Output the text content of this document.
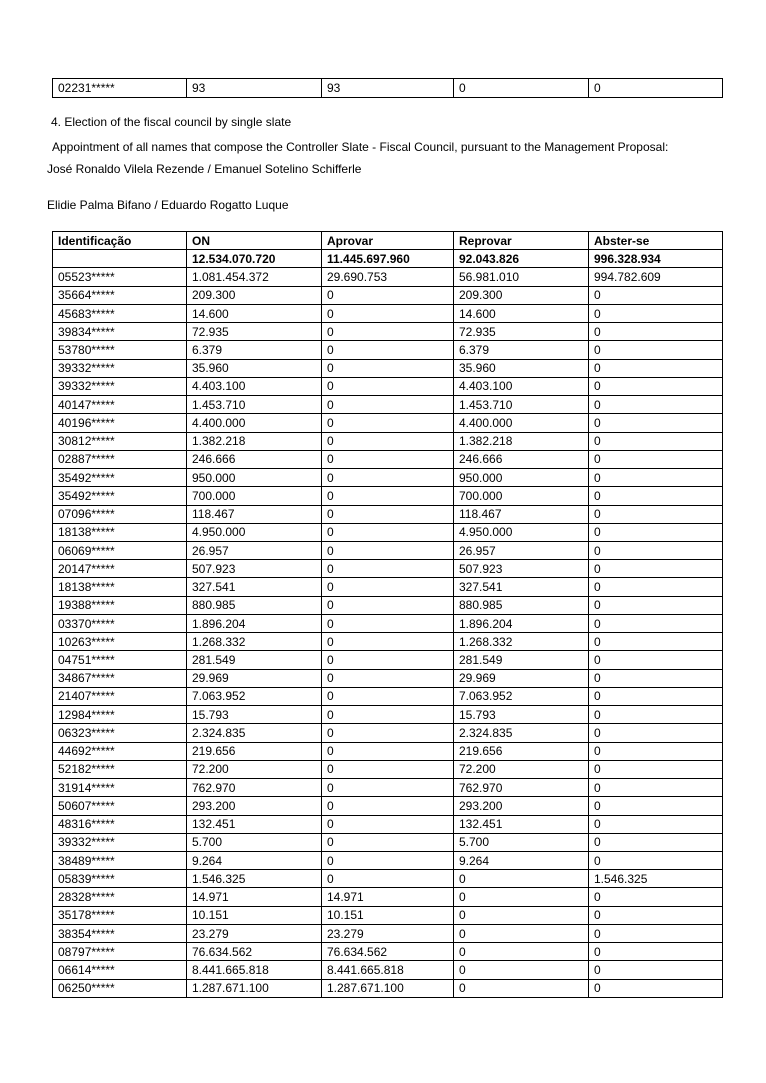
02231*****	93	93	0	0
4. Election of the fiscal council by single slate
Appointment of all names that compose the Controller Slate - Fiscal Council, pursuant to the Management Proposal:
José Ronaldo Vilela Rezende / Emanuel Sotelino Schifferle
Elidie Palma Bifano / Eduardo Rogatto Luque
Identificação	ON	Aprovar	Reprovar	Abster-se
	12.534.070.720	11.445.697.960	92.043.826	996.328.934
05523*****	1.081.454.372	29.690.753	56.981.010	994.782.609
35664*****	209.300	0	209.300	0
45683*****	14.600	0	14.600	0
39834*****	72.935	0	72.935	0
53780*****	6.379	0	6.379	0
39332*****	35.960	0	35.960	0
39332*****	4.403.100	0	4.403.100	0
40147*****	1.453.710	0	1.453.710	0
40196*****	4.400.000	0	4.400.000	0
30812*****	1.382.218	0	1.382.218	0
02887*****	246.666	0	246.666	0
35492*****	950.000	0	950.000	0
35492*****	700.000	0	700.000	0
07096*****	118.467	0	118.467	0
18138*****	4.950.000	0	4.950.000	0
06069*****	26.957	0	26.957	0
20147*****	507.923	0	507.923	0
18138*****	327.541	0	327.541	0
19388*****	880.985	0	880.985	0
03370*****	1.896.204	0	1.896.204	0
10263*****	1.268.332	0	1.268.332	0
04751*****	281.549	0	281.549	0
34867*****	29.969	0	29.969	0
21407*****	7.063.952	0	7.063.952	0
12984*****	15.793	0	15.793	0
06323*****	2.324.835	0	2.324.835	0
44692*****	219.656	0	219.656	0
52182*****	72.200	0	72.200	0
31914*****	762.970	0	762.970	0
50607*****	293.200	0	293.200	0
48316*****	132.451	0	132.451	0
39332*****	5.700	0	5.700	0
38489*****	9.264	0	9.264	0
05839*****	1.546.325	0	0	1.546.325
28328*****	14.971	14.971	0	0
35178*****	10.151	10.151	0	0
38354*****	23.279	23.279	0	0
08797*****	76.634.562	76.634.562	0	0
06614*****	8.441.665.818	8.441.665.818	0	0
06250*****	1.287.671.100	1.287.671.100	0	0
